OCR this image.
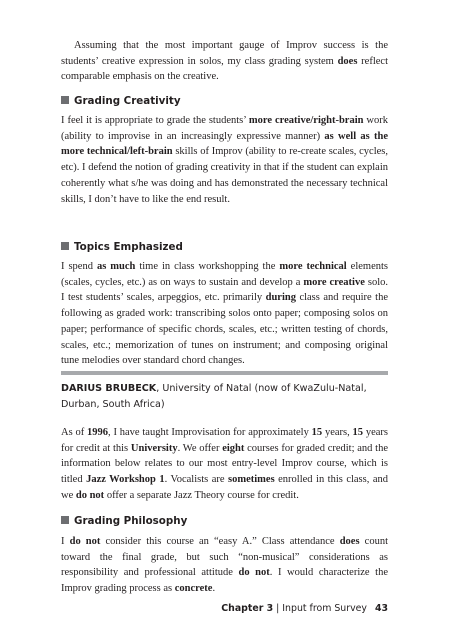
Assuming that the most important gauge of Improv success is the students’ creative expression in solos, my class grading system does reflect comparable emphasis on the creative.

Grading Creativity

I feel it is appropriate to grade the students’ more creative/right-brain work (ability to improvise in an increasingly expressive manner) as well as the more technical/left-brain skills of Improv (ability to re-create scales, cycles, etc). I defend the notion of grading creativity in that if the student can explain coherently what s/he was doing and has demonstrated the necessary technical skills, I don’t have to like the end result.

Topics Emphasized

I spend as much time in class workshopping the more technical elements (scales, cycles, etc.) as on ways to sustain and develop a more creative solo. I test students’ scales, arpeggios, etc. primarily during class and require the following as graded work: transcribing solos onto paper; composing solos on paper; performance of specific chords, scales, etc.; written testing of chords, scales, etc.; memorization of tunes on instrument; and composing original tune melodies over standard chord changes.

DARIUS BRUBECK, University of Natal (now of KwaZulu-Natal, Durban, South Africa)

As of 1996, I have taught Improvisation for approximately 15 years, 15 years for credit at this University. We offer eight courses for graded credit; and the information below relates to our most entry-level Improv course, which is titled Jazz Workshop 1. Vocalists are sometimes enrolled in this class, and we do not offer a separate Jazz Theory course for credit.

Grading Philosophy

I do not consider this course an “easy A.” Class attendance does count toward the final grade, but such “non-musical” considerations as responsibility and professional attitude do not. I would characterize the Improv grading process as concrete.

Chapter 3 | Input from Survey 43
